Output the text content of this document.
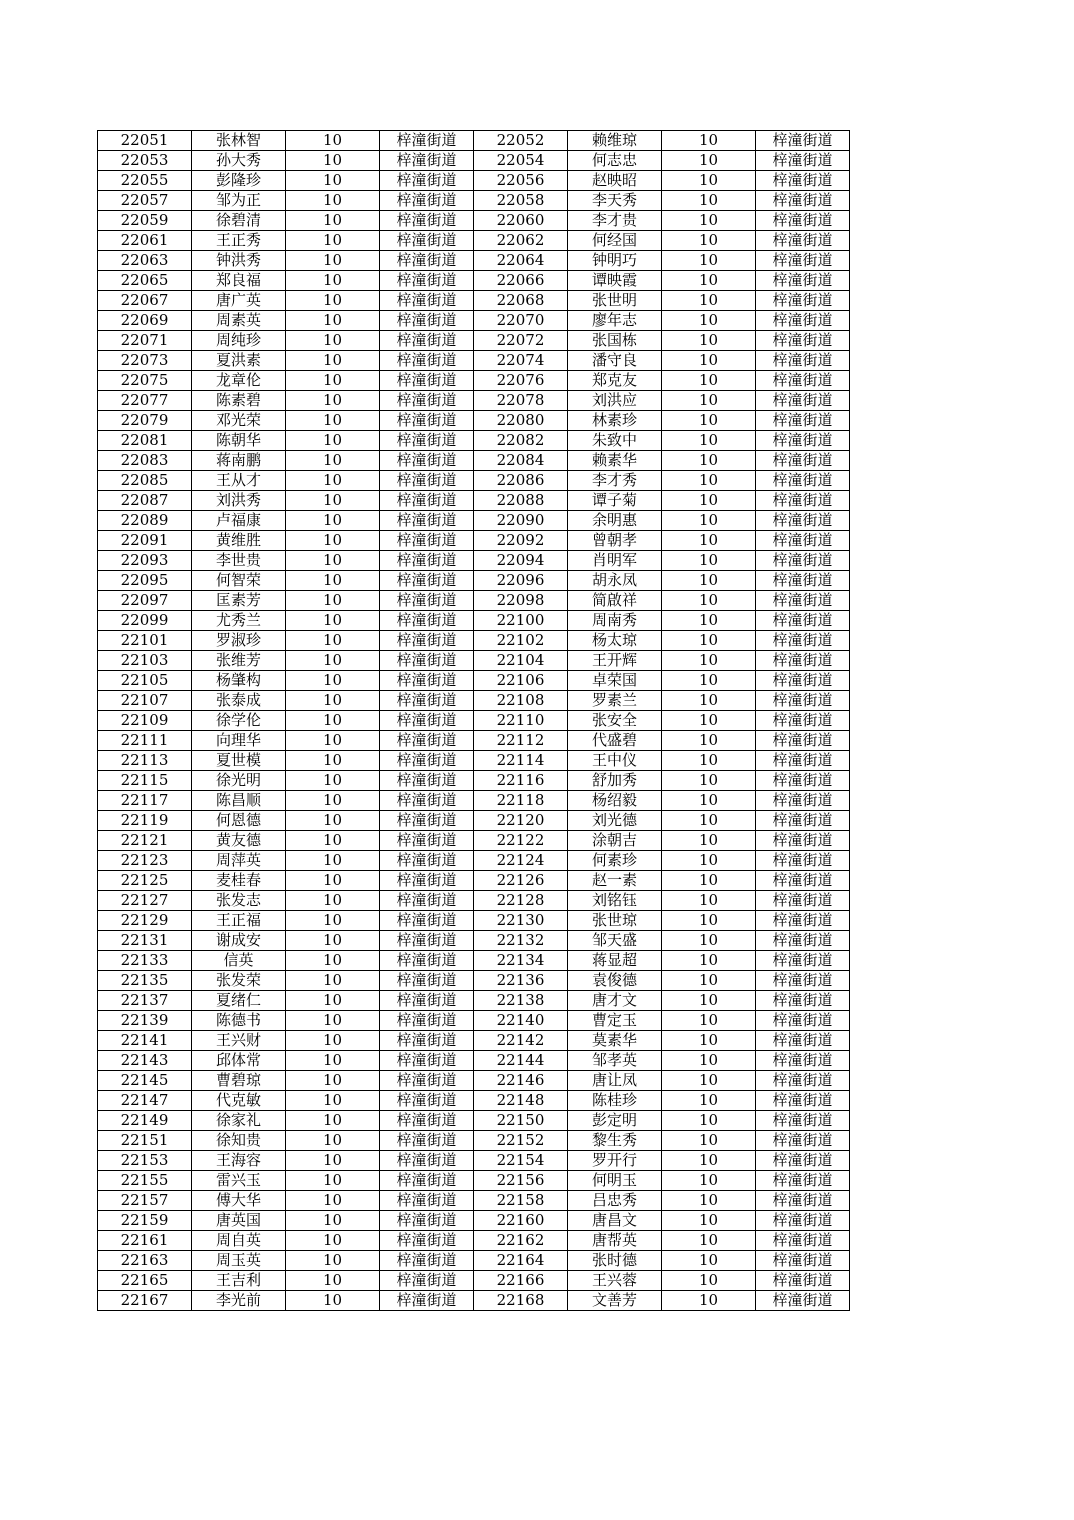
22051	张林智	10	梓潼街道	22052	赖维琼	10	梓潼街道
22053	孙大秀	10	梓潼街道	22054	何志忠	10	梓潼街道
22055	彭隆珍	10	梓潼街道	22056	赵映昭	10	梓潼街道
22057	邹为正	10	梓潼街道	22058	李天秀	10	梓潼街道
22059	徐碧清	10	梓潼街道	22060	李才贵	10	梓潼街道
22061	王正秀	10	梓潼街道	22062	何经国	10	梓潼街道
22063	钟洪秀	10	梓潼街道	22064	钟明巧	10	梓潼街道
22065	郑良福	10	梓潼街道	22066	谭映霞	10	梓潼街道
22067	唐广英	10	梓潼街道	22068	张世明	10	梓潼街道
22069	周素英	10	梓潼街道	22070	廖年志	10	梓潼街道
22071	周纯珍	10	梓潼街道	22072	张国栋	10	梓潼街道
22073	夏洪素	10	梓潼街道	22074	潘守良	10	梓潼街道
22075	龙章伦	10	梓潼街道	22076	郑克友	10	梓潼街道
22077	陈素碧	10	梓潼街道	22078	刘洪应	10	梓潼街道
22079	邓光荣	10	梓潼街道	22080	林素珍	10	梓潼街道
22081	陈朝华	10	梓潼街道	22082	朱致中	10	梓潼街道
22083	蒋南鹏	10	梓潼街道	22084	赖素华	10	梓潼街道
22085	王从才	10	梓潼街道	22086	李才秀	10	梓潼街道
22087	刘洪秀	10	梓潼街道	22088	谭子菊	10	梓潼街道
22089	卢福康	10	梓潼街道	22090	余明惠	10	梓潼街道
22091	黄维胜	10	梓潼街道	22092	曾朝孝	10	梓潼街道
22093	李世贵	10	梓潼街道	22094	肖明军	10	梓潼街道
22095	何智荣	10	梓潼街道	22096	胡永凤	10	梓潼街道
22097	匡素芳	10	梓潼街道	22098	简啟祥	10	梓潼街道
22099	尤秀兰	10	梓潼街道	22100	周南秀	10	梓潼街道
22101	罗淑珍	10	梓潼街道	22102	杨太琼	10	梓潼街道
22103	张维芳	10	梓潼街道	22104	王开辉	10	梓潼街道
22105	杨肇构	10	梓潼街道	22106	卓荣国	10	梓潼街道
22107	张泰成	10	梓潼街道	22108	罗素兰	10	梓潼街道
22109	徐学伦	10	梓潼街道	22110	张安全	10	梓潼街道
22111	向理华	10	梓潼街道	22112	代盛碧	10	梓潼街道
22113	夏世模	10	梓潼街道	22114	王中仪	10	梓潼街道
22115	徐光明	10	梓潼街道	22116	舒加秀	10	梓潼街道
22117	陈昌顺	10	梓潼街道	22118	杨绍毅	10	梓潼街道
22119	何恩德	10	梓潼街道	22120	刘光德	10	梓潼街道
22121	黄友德	10	梓潼街道	22122	涂朝吉	10	梓潼街道
22123	周萍英	10	梓潼街道	22124	何素珍	10	梓潼街道
22125	麦桂春	10	梓潼街道	22126	赵一素	10	梓潼街道
22127	张发志	10	梓潼街道	22128	刘铭钰	10	梓潼街道
22129	王正福	10	梓潼街道	22130	张世琼	10	梓潼街道
22131	谢成安	10	梓潼街道	22132	邹天盛	10	梓潼街道
22133	信英	10	梓潼街道	22134	蒋显超	10	梓潼街道
22135	张发荣	10	梓潼街道	22136	袁俊德	10	梓潼街道
22137	夏绪仁	10	梓潼街道	22138	唐才文	10	梓潼街道
22139	陈德书	10	梓潼街道	22140	曹定玉	10	梓潼街道
22141	王兴财	10	梓潼街道	22142	莫素华	10	梓潼街道
22143	邱体常	10	梓潼街道	22144	邹孝英	10	梓潼街道
22145	曹碧琼	10	梓潼街道	22146	唐让凤	10	梓潼街道
22147	代克敏	10	梓潼街道	22148	陈桂珍	10	梓潼街道
22149	徐家礼	10	梓潼街道	22150	彭定明	10	梓潼街道
22151	徐知贵	10	梓潼街道	22152	黎生秀	10	梓潼街道
22153	王海容	10	梓潼街道	22154	罗开行	10	梓潼街道
22155	雷兴玉	10	梓潼街道	22156	何明玉	10	梓潼街道
22157	傅大华	10	梓潼街道	22158	吕忠秀	10	梓潼街道
22159	唐英国	10	梓潼街道	22160	唐昌文	10	梓潼街道
22161	周自英	10	梓潼街道	22162	唐帮英	10	梓潼街道
22163	周玉英	10	梓潼街道	22164	张时德	10	梓潼街道
22165	王吉利	10	梓潼街道	22166	王兴蓉	10	梓潼街道
22167	李光前	10	梓潼街道	22168	文善芳	10	梓潼街道
